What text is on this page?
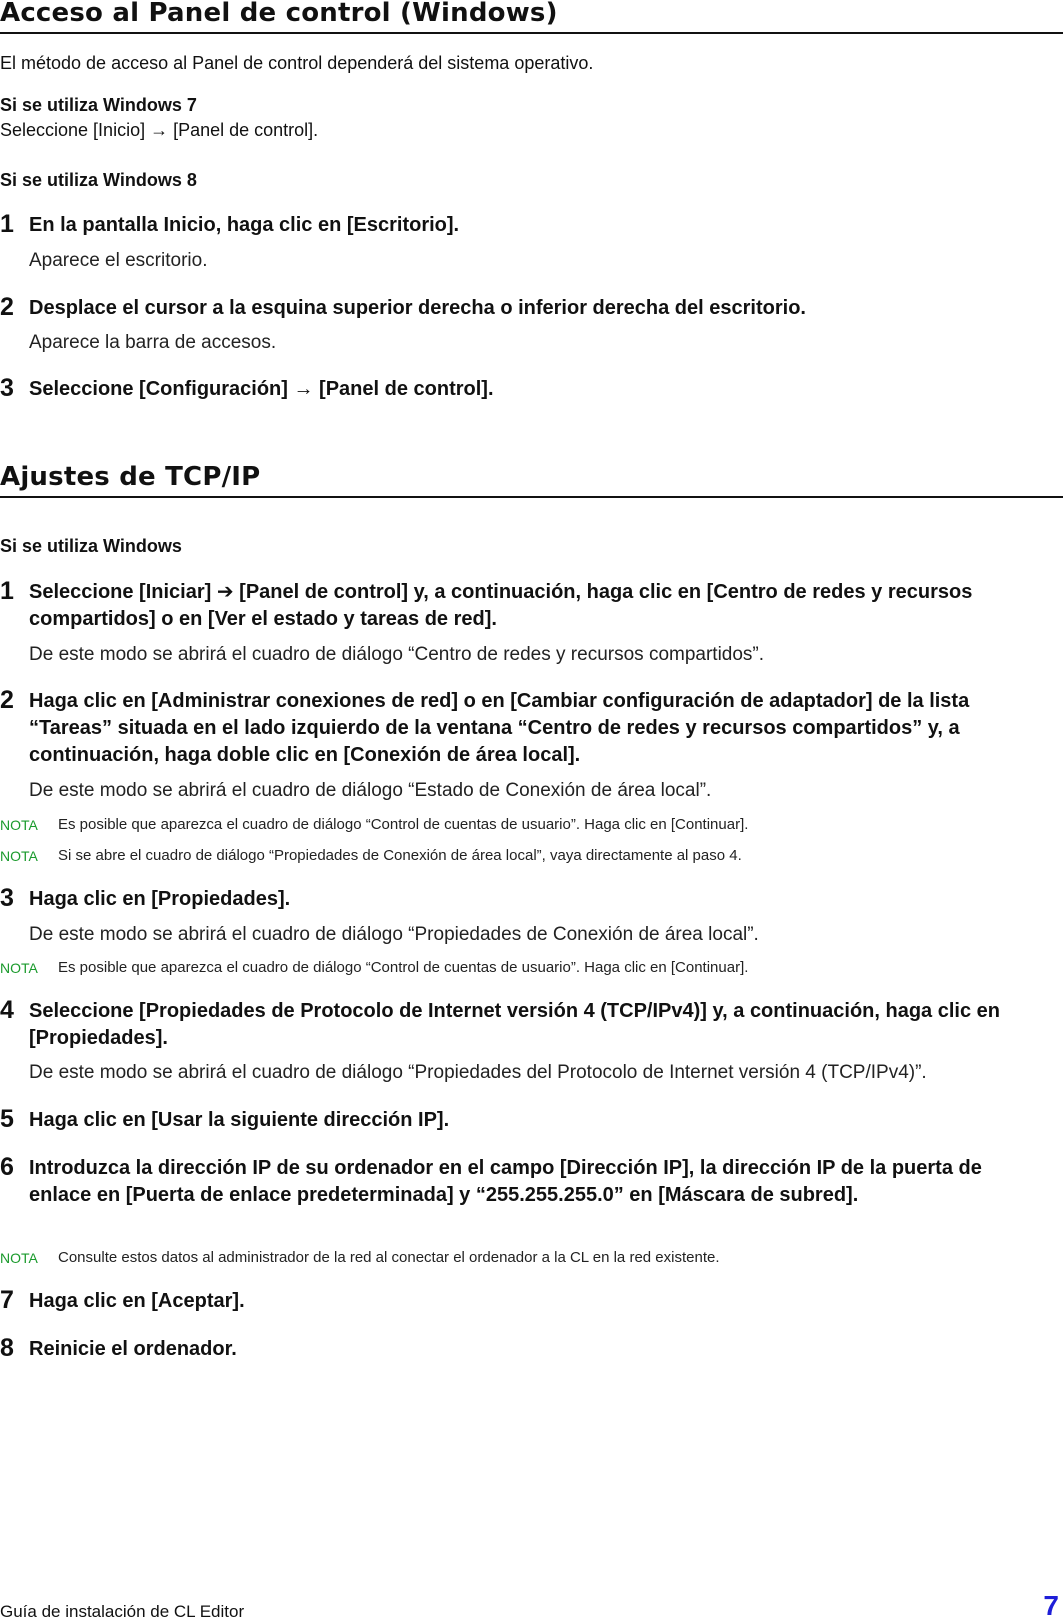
Acceso al Panel de control (Windows)

El método de acceso al Panel de control dependerá del sistema operativo.

Si se utiliza Windows 7

Seleccione [Inicio] → [Panel de control].

Si se utiliza Windows 8

1 En la pantalla Inicio, haga clic en [Escritorio].

Aparece el escritorio.

2 Desplace el cursor a la esquina superior derecha o inferior derecha del escritorio.

Aparece la barra de accesos.

3 Seleccione [Configuración] → [Panel de control].
Ajustes de TCP/IP

Si se utiliza Windows

1 Seleccione [Iniciar] ➔ [Panel de control] y, a continuación, haga clic en [Centro de redes y recursos compartidos] o en [Ver el estado y tareas de red].

De este modo se abrirá el cuadro de diálogo “Centro de redes y recursos compartidos”.

2 Haga clic en [Administrar conexiones de red] o en [Cambiar configuración de adaptador] de la lista “Tareas” situada en el lado izquierdo de la ventana “Centro de redes y recursos compartidos” y, a continuación, haga doble clic en [Conexión de área local].

De este modo se abrirá el cuadro de diálogo “Estado de Conexión de área local”.

NOTA	Es posible que aparezca el cuadro de diálogo “Control de cuentas de usuario”. Haga clic en [Continuar].
NOTA	Si se abre el cuadro de diálogo “Propiedades de Conexión de área local”, vaya directamente al paso 4.
3 Haga clic en [Propiedades].

De este modo se abrirá el cuadro de diálogo “Propiedades de Conexión de área local”.

NOTA	Es posible que aparezca el cuadro de diálogo “Control de cuentas de usuario”. Haga clic en [Continuar].
4 Seleccione [Propiedades de Protocolo de Internet versión 4 (TCP/IPv4)] y, a continuación, haga clic en [Propiedades].

De este modo se abrirá el cuadro de diálogo “Propiedades del Protocolo de Internet versión 4 (TCP/IPv4)”.

5 Haga clic en [Usar la siguiente dirección IP].
6 Introduzca la dirección IP de su ordenador en el campo [Dirección IP], la dirección IP de la puerta de enlace en [Puerta de enlace predeterminada] y “255.255.255.0” en [Máscara de subred].
NOTA	Consulte estos datos al administrador de la red al conectar el ordenador a la CL en la red existente.
7 Haga clic en [Aceptar].
8 Reinicie el ordenador.
Guía de instalación de CL Editor	7
